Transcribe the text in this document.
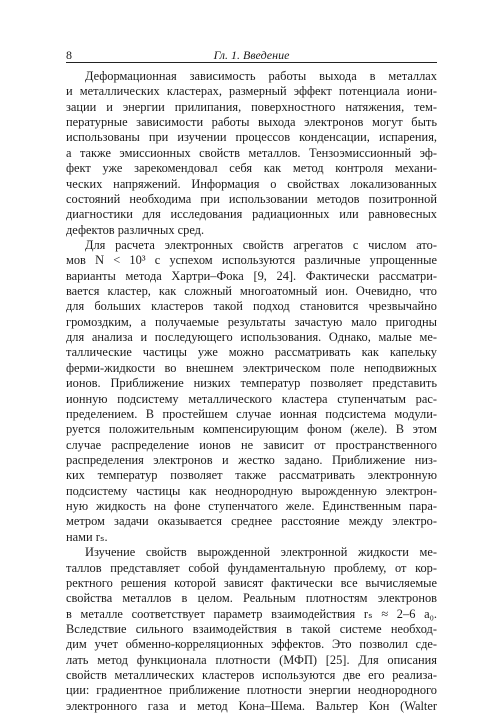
8	Гл. 1. Введение
Деформационная зависимость работы выхода в металлах
и металлических кластерах, размерный эффект потенциала иони-
зации и энергии прилипания, поверхностного натяжения, тем-
пературные зависимости работы выхода электронов могут быть
использованы при изучении процессов конденсации, испарения,
а также эмиссионных свойств металлов. Тензоэмиссионный эф-
фект уже зарекомендовал себя как метод контроля механи-
ческих напряжений. Информация о свойствах локализованных
состояний необходима при использовании методов позитронной
диагностики для исследования радиационных или равновесных
дефектов различных сред.
Для расчета электронных свойств агрегатов с числом ато-
мов N < 10³ с успехом используются различные упрощенные
варианты метода Хартри–Фока [9, 24]. Фактически рассматри-
вается кластер, как сложный многоатомный ион. Очевидно, что
для больших кластеров такой подход становится чрезвычайно
громоздким, а получаемые результаты зачастую мало пригодны
для анализа и последующего использования. Однако, малые ме-
таллические частицы уже можно рассматривать как капельку
ферми-жидкости во внешнем электрическом поле неподвижных
ионов. Приближение низких температур позволяет представить
ионную подсистему металлического кластера ступенчатым рас-
пределением. В простейшем случае ионная подсистема модули-
руется положительным компенсирующим фоном (желе). В этом
случае распределение ионов не зависит от пространственного
распределения электронов и жестко задано. Приближение низ-
ких температур позволяет также рассматривать электронную
подсистему частицы как неоднородную вырожденную электрон-
ную жидкость на фоне ступенчатого желе. Единственным пара-
метром задачи оказывается среднее расстояние между электро-
нами rₛ.
Изучение свойств вырожденной электронной жидкости ме-
таллов представляет собой фундаментальную проблему, от кор-
ректного решения которой зависят фактически все вычисляемые
свойства металлов в целом. Реальным плотностям электронов
в металле соответствует параметр взаимодействия rₛ ≈ 2–6 a₀.
Вследствие сильного взаимодействия в такой системе необход-
дим учет обменно-корреляционных эффектов. Это позволил сде-
лать метод функционала плотности (МФП) [25]. Для описания
свойств металлических кластеров используются две его реализа-
ции: градиентное приближение плотности энергии неоднородного
электронного газа и метод Кона–Шема. Вальтер Кон (Walter
